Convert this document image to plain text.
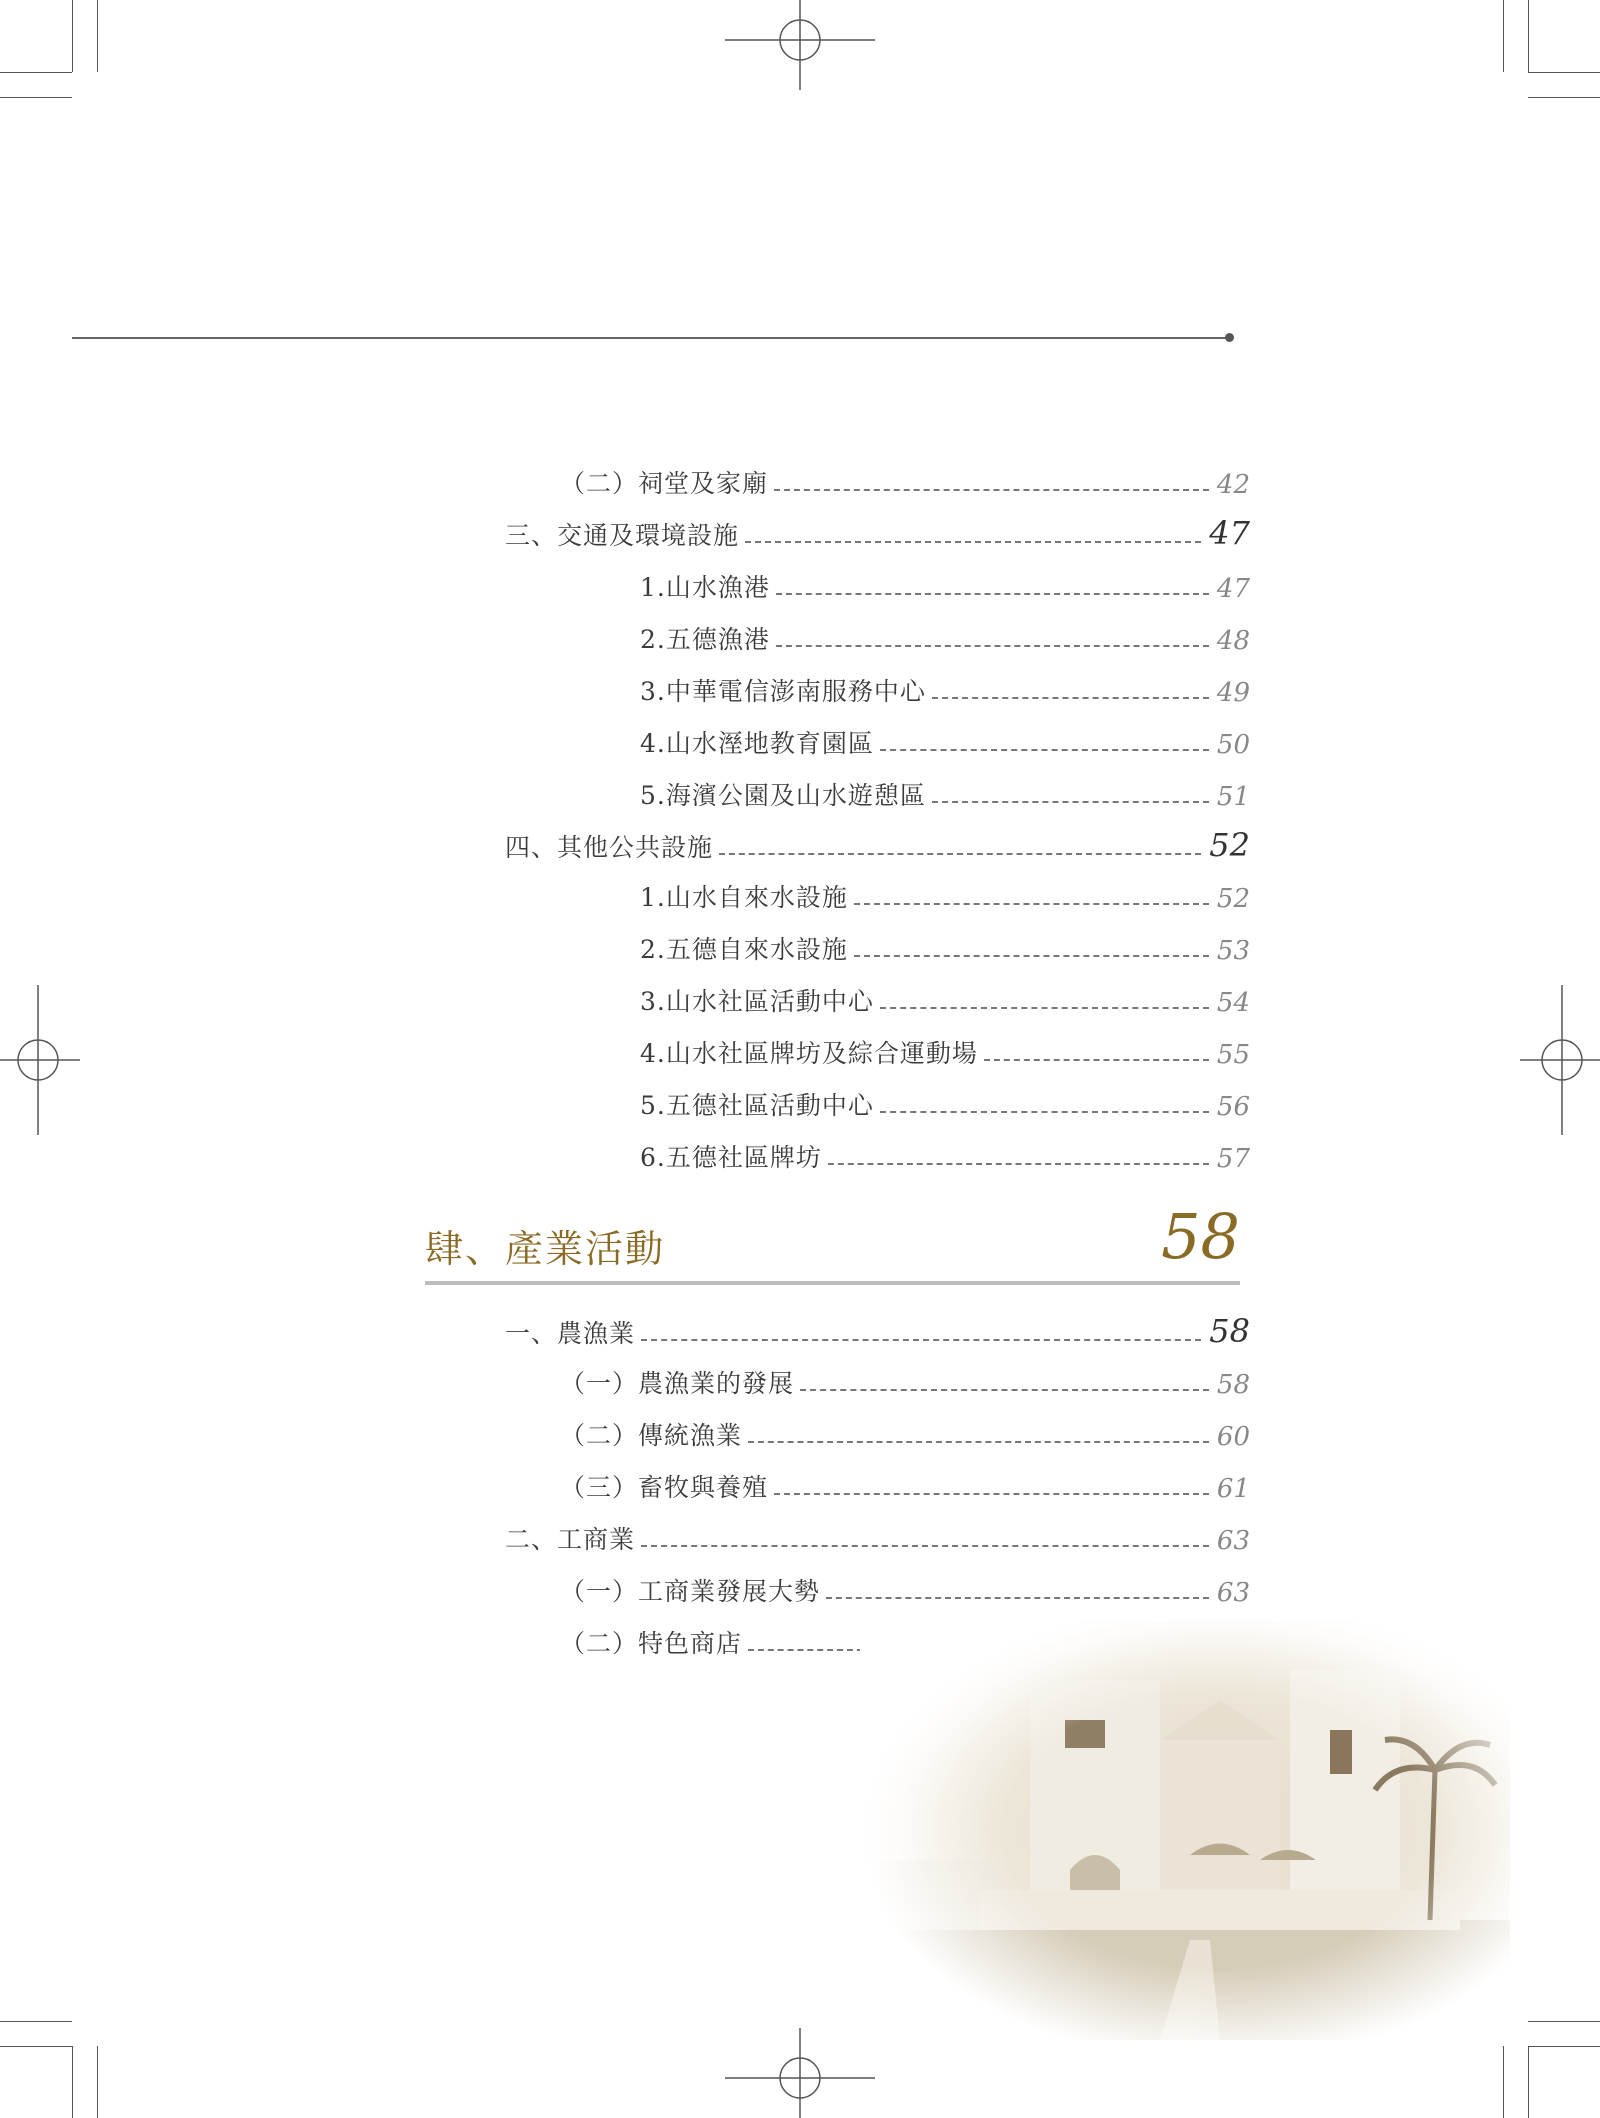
（二）祠堂及家廟	42
三、交通及環境設施	47
1.山水漁港	47
2.五德漁港	48
3.中華電信澎南服務中心	49
4.山水溼地教育園區	50
5.海濱公園及山水遊憩區	51
四、其他公共設施	52
1.山水自來水設施	52
2.五德自來水設施	53
3.山水社區活動中心	54
4.山水社區牌坊及綜合運動場	55
5.五德社區活動中心	56
6.五德社區牌坊	57
肆、產業活動	58
一、農漁業	58
（一）農漁業的發展	58
（二）傳統漁業	60
（三）畜牧與養殖	61
二、工商業	63
（一）工商業發展大勢	63
（二）特色商店
